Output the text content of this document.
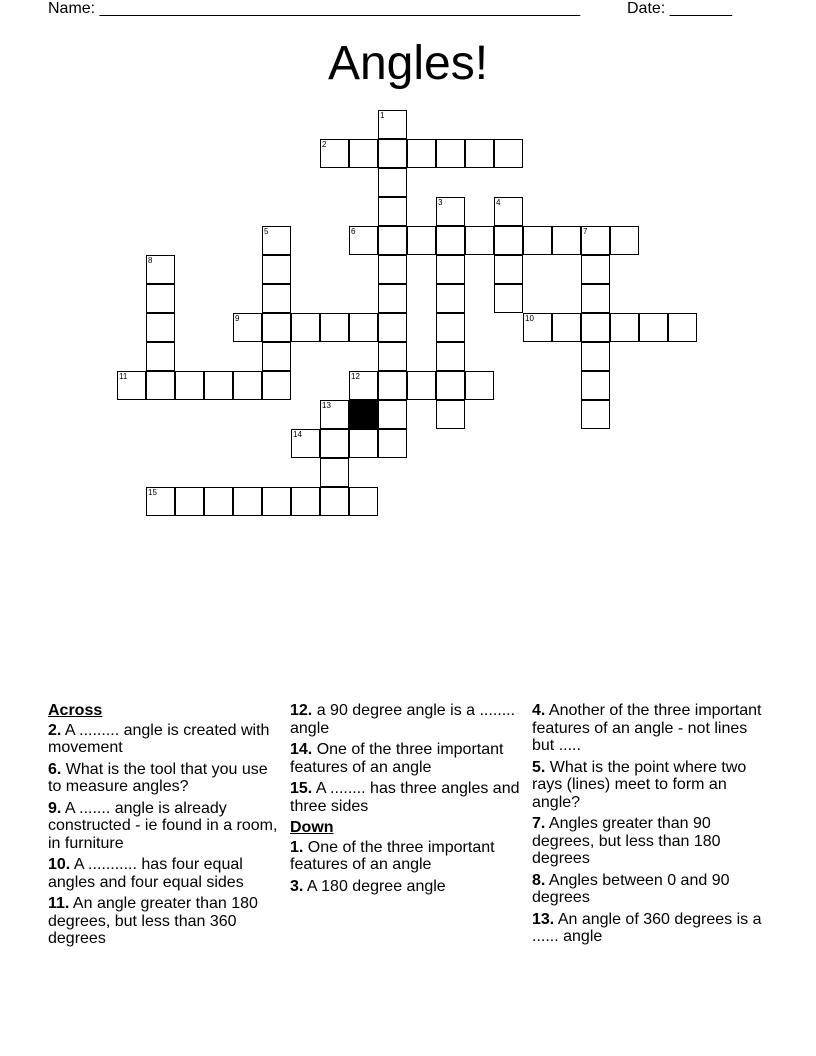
Name: ______________________________________________________	Date: _______
Angles!
1
2
3	4
5	6	7
8
9	10
11	12
13
14
15
Across
2. A ......... angle is created with movement
6. What is the tool that you use to measure angles?
9. A ....... angle is already constructed - ie found in a room, in furniture
10. A ........... has four equal angles and four equal sides
11. An angle greater than 180 degrees, but less than 360 degrees
12. a 90 degree angle is a ........ angle
14. One of the three important features of an angle
15. A ........ has three angles and three sides
Down
1. One of the three important features of an angle
3. A 180 degree angle
4. Another of the three important features of an angle - not lines but .....
5. What is the point where two rays (lines) meet to form an angle?
7. Angles greater than 90 degrees, but less than 180 degrees
8. Angles between 0 and 90 degrees
13. An angle of 360 degrees is a ...... angle
